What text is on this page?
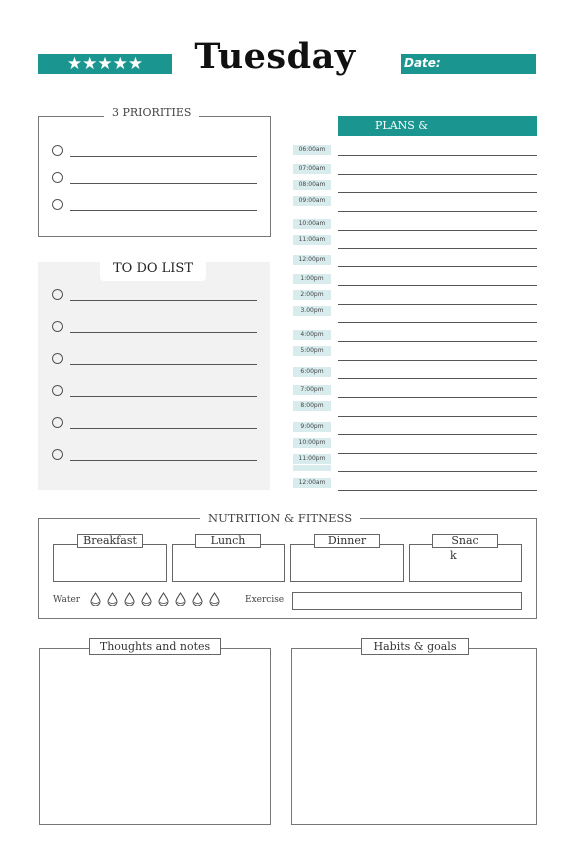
★★★★★	Tuesday	Date:
3 PRIORITIES
TO DO LIST
PLANS &
06:00am
07:00am
08:00am
09:00am
10:00am
11:00am
12:00pm
1:00pm
2:00pm
3.00pm
4:00pm
5:00pm
6:00pm
7:00pm
8:00pm
9:00pm
10:00pm
11:00pm
12:00am
NUTRITION & FITNESS
Breakfast	Lunch	Dinner	Snac
k
Water	Exercise
Thoughts and notes	Habits & goals
